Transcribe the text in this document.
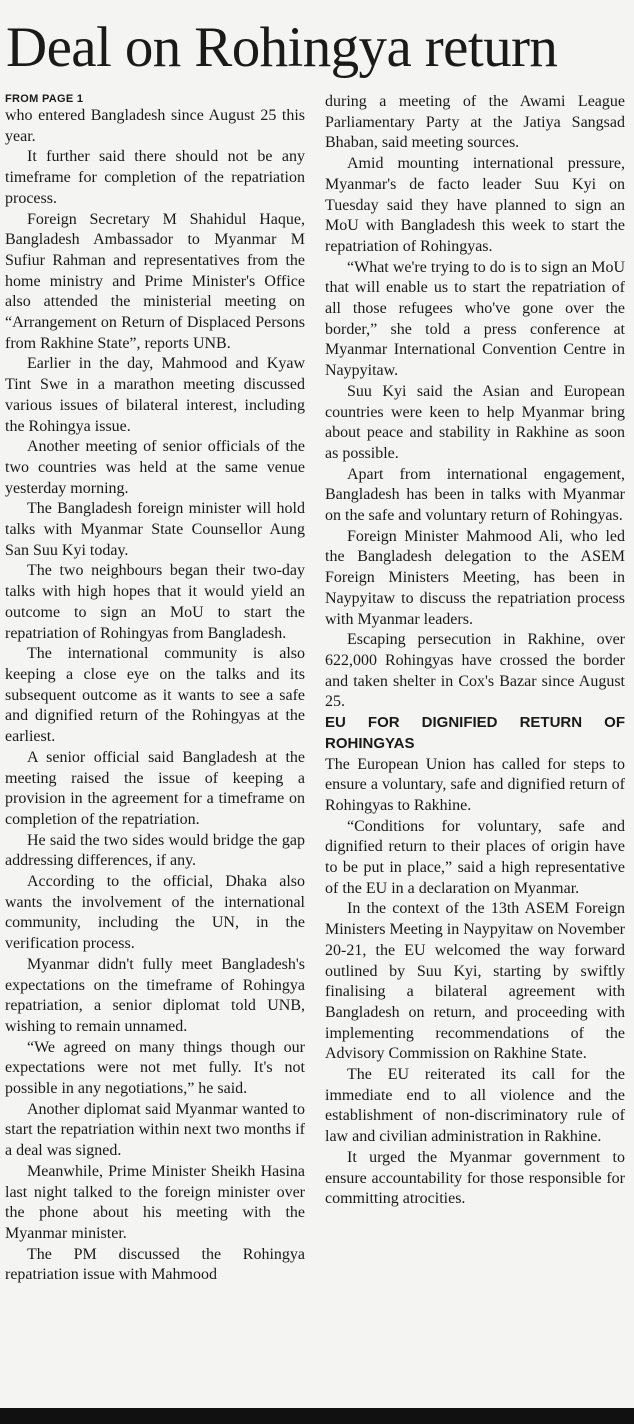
Deal on Rohingya return
FROM PAGE 1

who entered Bangladesh since August 25 this year.

It further said there should not be any timeframe for completion of the repatriation process.

Foreign Secretary M Shahidul Haque, Bangladesh Ambassador to Myanmar M Sufiur Rahman and representatives from the home ministry and Prime Minister's Office also attended the ministerial meeting on “Arrangement on Return of Displaced Persons from Rakhine State”, reports UNB.

Earlier in the day, Mahmood and Kyaw Tint Swe in a marathon meeting discussed various issues of bilateral interest, including the Rohingya issue.

Another meeting of senior officials of the two countries was held at the same venue yesterday morning.

The Bangladesh foreign minister will hold talks with Myanmar State Counsellor Aung San Suu Kyi today.

The two neighbours began their two-day talks with high hopes that it would yield an outcome to sign an MoU to start the repatriation of Rohingyas from Bangladesh.

The international community is also keeping a close eye on the talks and its subsequent outcome as it wants to see a safe and dignified return of the Rohingyas at the earliest.

A senior official said Bangladesh at the meeting raised the issue of keeping a provision in the agreement for a timeframe on completion of the repatriation.

He said the two sides would bridge the gap addressing differences, if any.

According to the official, Dhaka also wants the involvement of the international community, including the UN, in the verification process.

Myanmar didn't fully meet Bangladesh's expectations on the timeframe of Rohingya repatriation, a senior diplomat told UNB, wishing to remain unnamed.

“We agreed on many things though our expectations were not met fully. It's not possible in any negotiations,” he said.

Another diplomat said Myanmar wanted to start the repatriation within next two months if a deal was signed.

Meanwhile, Prime Minister Sheikh Hasina last night talked to the foreign minister over the phone about his meeting with the Myanmar minister.

The PM discussed the Rohingya repatriation issue with Mahmood

during a meeting of the Awami League Parliamentary Party at the Jatiya Sangsad Bhaban, said meeting sources.

Amid mounting international pressure, Myanmar's de facto leader Suu Kyi on Tuesday said they have planned to sign an MoU with Bangladesh this week to start the repatriation of Rohingyas.

“What we're trying to do is to sign an MoU that will enable us to start the repatriation of all those refugees who've gone over the border,” she told a press conference at Myanmar International Convention Centre in Naypyitaw.

Suu Kyi said the Asian and European countries were keen to help Myanmar bring about peace and stability in Rakhine as soon as possible.

Apart from international engagement, Bangladesh has been in talks with Myanmar on the safe and voluntary return of Rohingyas.

Foreign Minister Mahmood Ali, who led the Bangladesh delegation to the ASEM Foreign Ministers Meeting, has been in Naypyitaw to discuss the repatriation process with Myanmar leaders.

Escaping persecution in Rakhine, over 622,000 Rohingyas have crossed the border and taken shelter in Cox's Bazar since August 25.

EU FOR DIGNIFIED RETURN OF ROHINGYAS

The European Union has called for steps to ensure a voluntary, safe and dignified return of Rohingyas to Rakhine.

“Conditions for voluntary, safe and dignified return to their places of origin have to be put in place,” said a high representative of the EU in a declaration on Myanmar.

In the context of the 13th ASEM Foreign Ministers Meeting in Naypyitaw on November 20-21, the EU welcomed the way forward outlined by Suu Kyi, starting by swiftly finalising a bilateral agreement with Bangladesh on return, and proceeding with implementing recommendations of the Advisory Commission on Rakhine State.

The EU reiterated its call for the immediate end to all violence and the establishment of non-discriminatory rule of law and civilian administration in Rakhine.

It urged the Myanmar government to ensure accountability for those responsible for committing atrocities.
